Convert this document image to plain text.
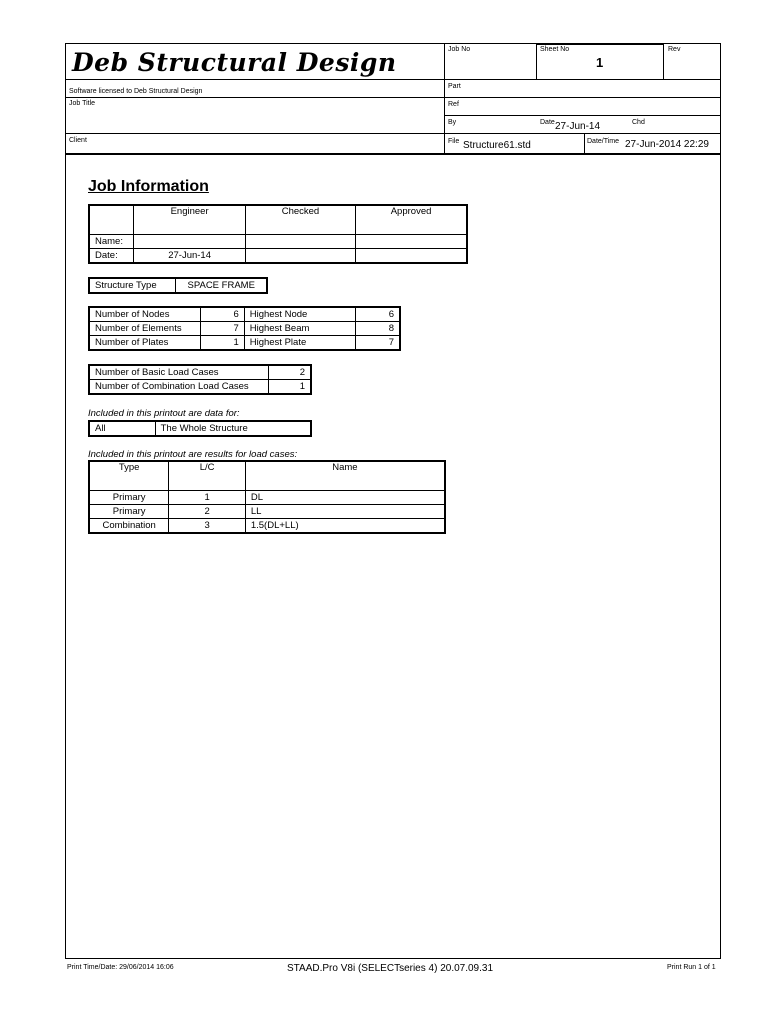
Deb Structural Design
Software licensed to Deb Structural Design
Job Title
Client
Job No	Sheet No
1
Rev
Part
Ref
By	Date 27-Jun-14	Chd
File Structure61.std	Date/Time 27-Jun-2014 22:29
Job Information
	Engineer	Checked	Approved
Name:			
Date:	27-Jun-14		
Structure Type	SPACE FRAME
Number of Nodes	6	Highest Node	6
Number of Elements	7	Highest Beam	8
Number of Plates	1	Highest Plate	7
Number of Basic Load Cases	2
Number of Combination Load Cases	1
Included in this printout are data for:
All	The Whole Structure
Included in this printout are results for load cases:
Type	L/C	Name
Primary	1	DL
Primary	2	LL
Combination	3	1.5(DL+LL)
Print Time/Date: 29/06/2014 16:06	STAAD.Pro V8i (SELECTseries 4) 20.07.09.31	Print Run 1 of 1
